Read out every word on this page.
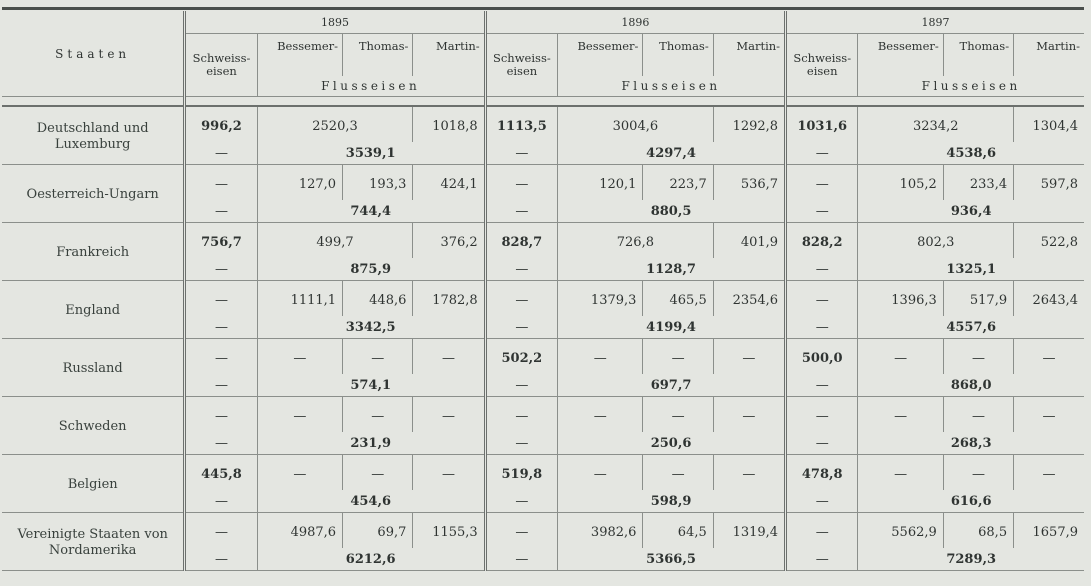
Staaten	1895				1896				1897			
	Schweiss-eisen	Bessemer-	Thomas-	Martin-	Schweiss-eisen	Bessemer-	Thomas-	Martin-	Schweiss-eisen	Bessemer-	Thomas-	Martin-
		Flusseisen				Flusseisen				Flusseisen		

Deutschland und Luxemburg	996,2	2520,3		1018,8	1113,5	3004,6		1292,8	1031,6	3234,2		1304,4
	—	3539,1			—	4297,4			—	4538,6		
Oesterreich-Ungarn	—	127,0	193,3	424,1	—	120,1	223,7	536,7	—	105,2	233,4	597,8
	—	744,4			—	880,5			—	936,4		
Frankreich	756,7	499,7		376,2	828,7	726,8		401,9	828,2	802,3		522,8
	—	875,9			—	1128,7			—	1325,1		
England	—	1111,1	448,6	1782,8	—	1379,3	465,5	2354,6	—	1396,3	517,9	2643,4
	—	3342,5			—	4199,4			—	4557,6		
Russland	—	—	—	—	502,2	—	—	—	500,0	—	—	—
	—	574,1			—	697,7			—	868,0		
Schweden	—	—	—	—	—	—	—	—	—	—	—	—
	—	231,9			—	250,6			—	268,3		
Belgien	445,8	—	—	—	519,8	—	—	—	478,8	—	—	—
	—	454,6			—	598,9			—	616,6		
Vereinigte Staaten von Nordamerika	—	4987,6	69,7	1155,3	—	3982,6	64,5	1319,4	—	5562,9	68,5	1657,9
	—	6212,6			—	5366,5			—	7289,3		
